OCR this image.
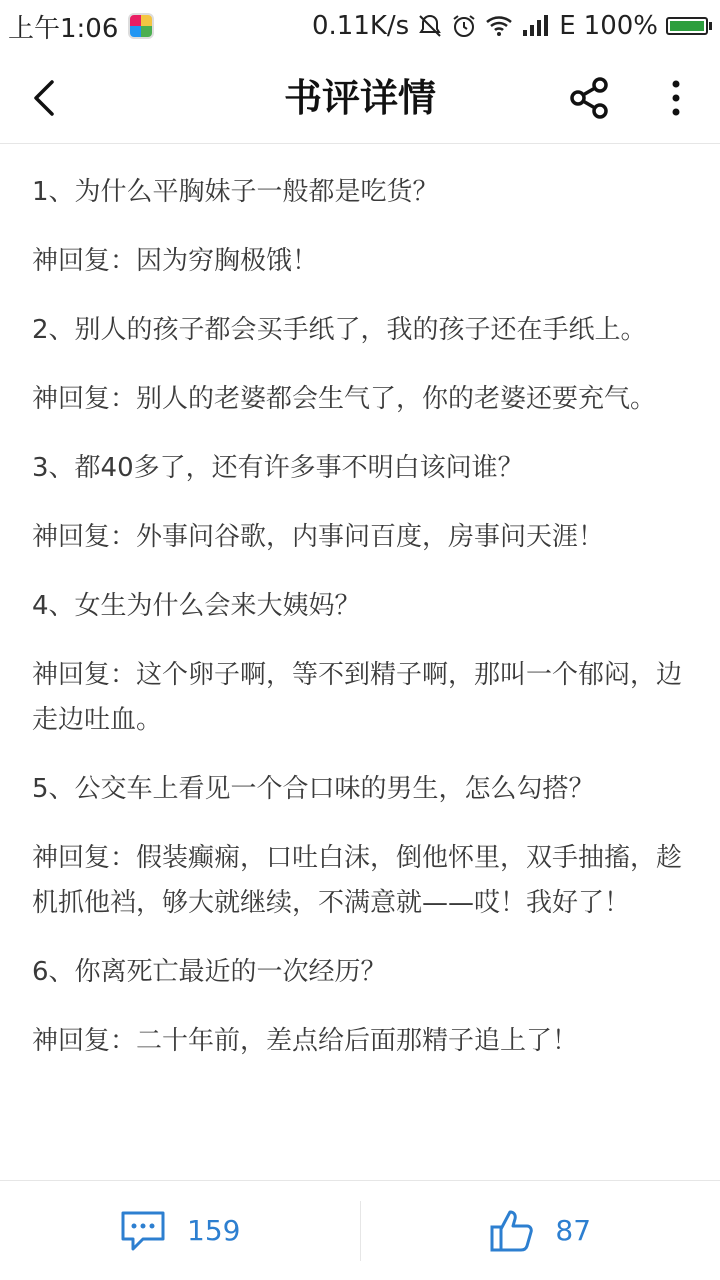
上午1:06	0.11K/s	E 100%
书评详情

1、为什么平胸妹子一般都是吃货？

神回复：因为穷胸极饿！

2、别人的孩子都会买手纸了，我的孩子还在手纸上。

神回复：别人的老婆都会生气了，你的老婆还要充气。

3、都40多了，还有许多事不明白该问谁？

神回复：外事问谷歌，内事问百度，房事问天涯！

4、女生为什么会来大姨妈？

神回复：这个卵子啊，等不到精子啊，那叫一个郁闷，边走边吐血。

5、公交车上看见一个合口味的男生，怎么勾搭？

神回复：假装癫痫，口吐白沫，倒他怀里，双手抽搐，趁机抓他裆，够大就继续，不满意就——哎！我好了！

6、你离死亡最近的一次经历？

神回复：二十年前，差点给后面那精子追上了！

159	87
